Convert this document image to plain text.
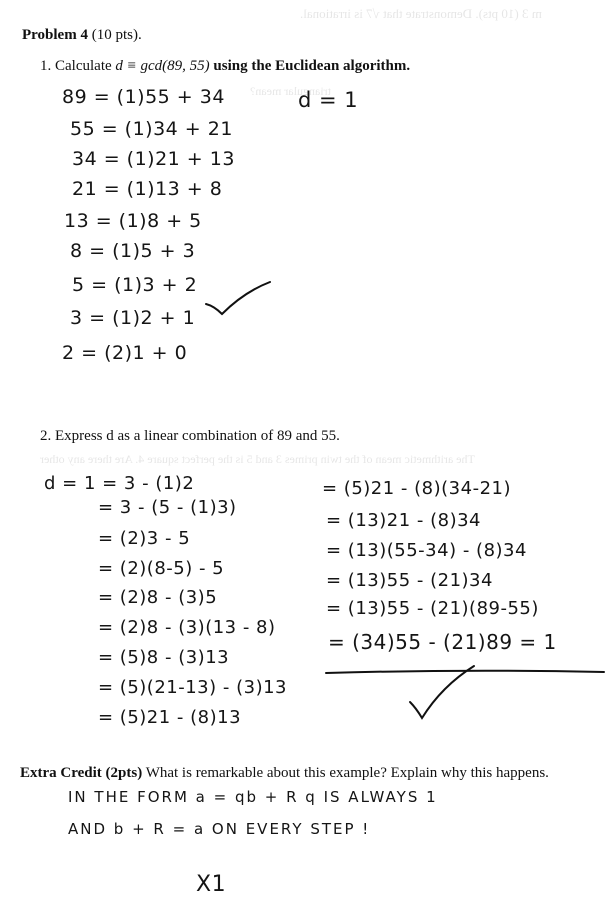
m 3 (10 pts). Demonstrate that √7 is irrational.
The arithmetic mean of the twin primes 3 and 5 is the perfect square 4. Are there any other
triangular mean?
Problem 4 (10 pts).
1. Calculate d ≡ gcd(89, 55) using the Euclidean algorithm.
2. Express d as a linear combination of 89 and 55.
Extra Credit (2pts) What is remarkable about this example? Explain why this happens.
89 = (1)55 + 34
55 = (1)34 + 21
34 = (1)21 + 13
21 = (1)13 + 8
13 = (1)8 + 5
8 = (1)5 + 3
5 = (1)3 + 2
3 = (1)2 + 1
2 = (2)1 + 0
d = 1
d = 1 = 3 - (1)2
= 3 - (5 - (1)3)
= (2)3 - 5
= (2)(8-5) - 5
= (2)8 - (3)5
= (2)8 - (3)(13 - 8)
= (5)8 - (3)13
= (5)(21-13) - (3)13
= (5)21 - (8)13
= (5)21 - (8)(34-21)
= (13)21 - (8)34
= (13)(55-34) - (8)34
= (13)55 - (21)34
= (13)55 - (21)(89-55)
= (34)55 - (21)89 = 1
IN THE FORM a = qb + R q IS ALWAYS 1
AND b + R = a ON EVERY STEP !
X1
